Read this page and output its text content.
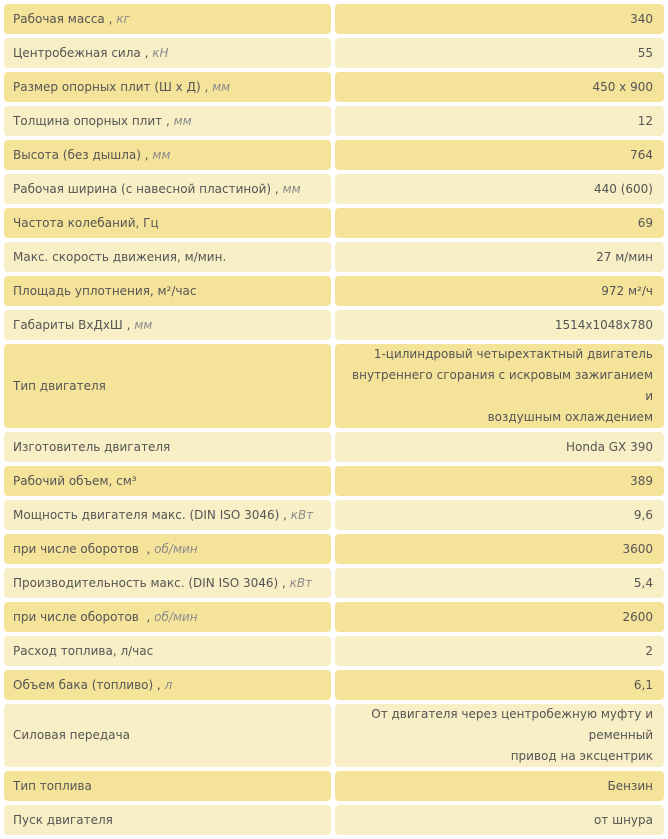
Рабочая масса , кг	340
Центробежная сила , кН	55
Размер опорных плит (Ш х Д) , мм	450 х 900
Толщина опорных плит , мм	12
Высота (без дышла) , мм	764
Рабочая ширина (с навесной пластиной) , мм	440 (600)
Частота колебаний, Гц	69
Макс. скорость движения, м/мин.	27 м/мин
Площадь уплотнения, м²/час	972 м²/ч
Габариты ВхДхШ , мм	1514х1048х780
Тип двигателя	1-цилиндровый четырехтактный двигатель
внутреннего сгорания с искровым зажиганием и
воздушным охлаждением
Изготовитель двигателя	Honda GX 390
Рабочий объем, см³	389
Мощность двигателя макс. (DIN ISO 3046) , кВт	9,6
при числе оборотов  , об/мин	3600
Производительность макс. (DIN ISO 3046) , кВт	5,4
при числе оборотов  , об/мин	2600
Расход топлива, л/час	2
Объем бака (топливо) , л	6,1
Силовая передача	От двигателя через центробежную муфту и ременный
привод на эксцентрик
Тип топлива	Бензин
Пуск двигателя	от шнура
